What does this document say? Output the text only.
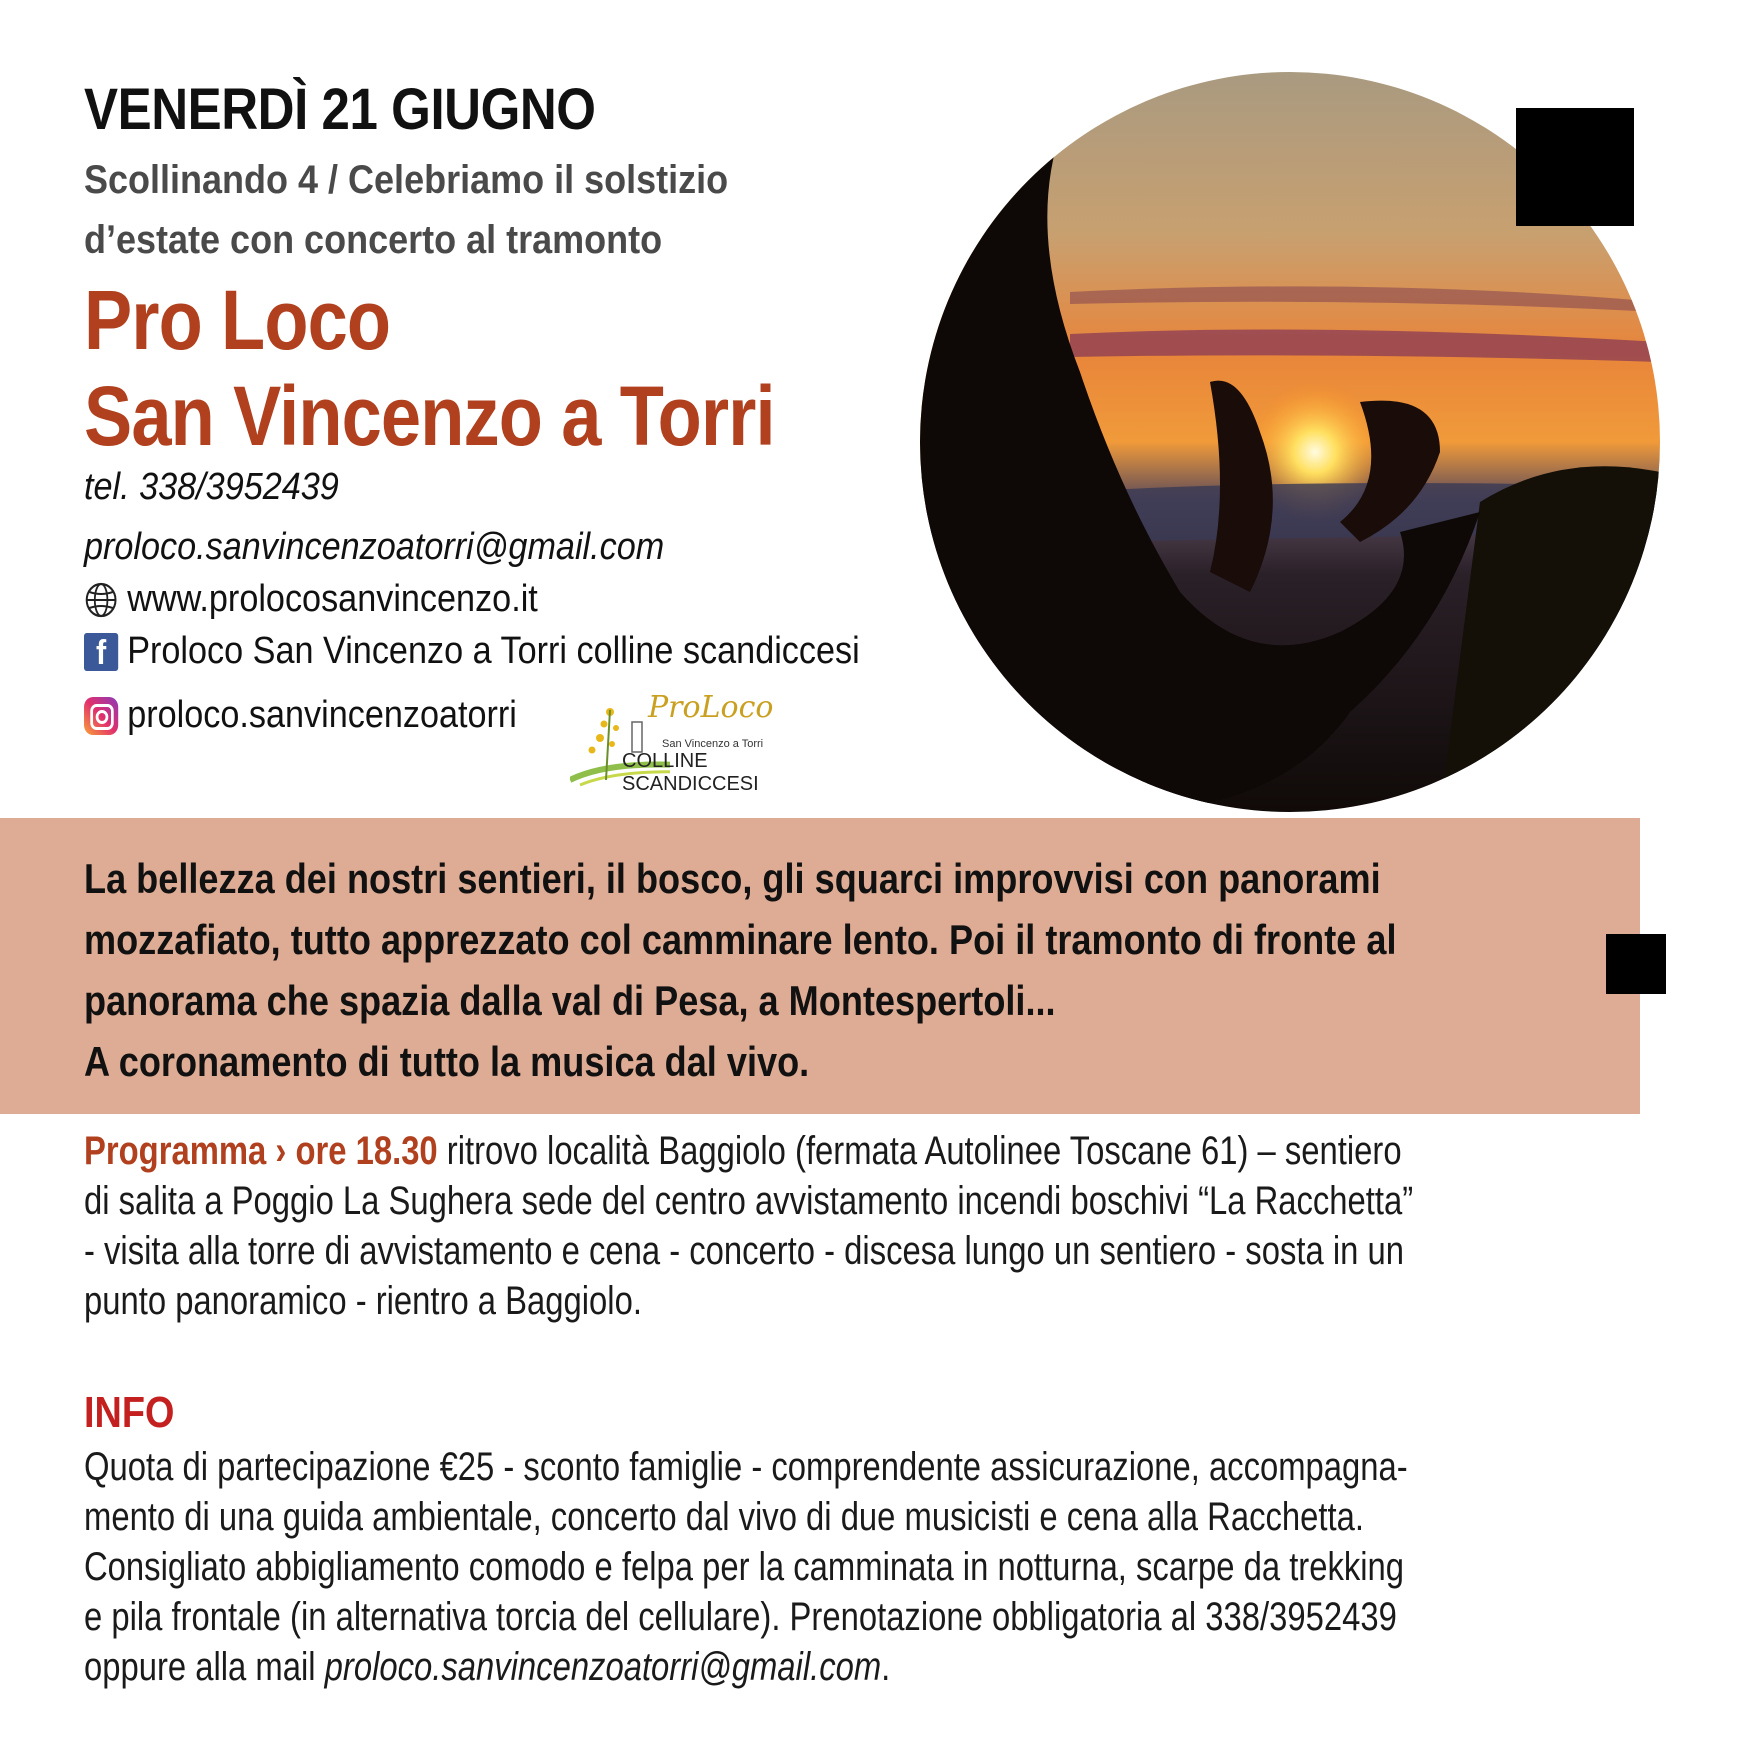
VENERDÌ 21 GIUGNO
Scollinando 4 / Celebriamo il solstizio
d’estate con concerto al tramonto
Pro Loco
San Vincenzo a Torri
tel. 338/3952439
proloco.sanvincenzoatorri@gmail.com
www.prolocosanvincenzo.it
f Proloco San Vincenzo a Torri colline scandiccesi
proloco.sanvincenzoatorri	ProLoco
San Vincenzo a Torri
COLLINE SCANDICCESI
La bellezza dei nostri sentieri, il bosco, gli squarci improvvisi con panorami
mozzafiato, tutto apprezzato col camminare lento. Poi il tramonto di fronte al
panorama che spazia dalla val di Pesa, a Montespertoli...
A coronamento di tutto la musica dal vivo.
Programma › ore 18.30 ritrovo località Baggiolo (fermata Autolinee Toscane 61) – sentiero
di salita a Poggio La Sughera sede del centro avvistamento incendi boschivi “La Racchetta”
- visita alla torre di avvistamento e cena - concerto - discesa lungo un sentiero - sosta in un
punto panoramico - rientro a Baggiolo.
INFO
Quota di partecipazione €25 - sconto famiglie - comprendente assicurazione, accompagna-
mento di una guida ambientale, concerto dal vivo di due musicisti e cena alla Racchetta.
Consigliato abbigliamento comodo e felpa per la camminata in notturna, scarpe da trekking
e pila frontale (in alternativa torcia del cellulare). Prenotazione obbligatoria al 338/3952439
oppure alla mail proloco.sanvincenzoatorri@gmail.com.
